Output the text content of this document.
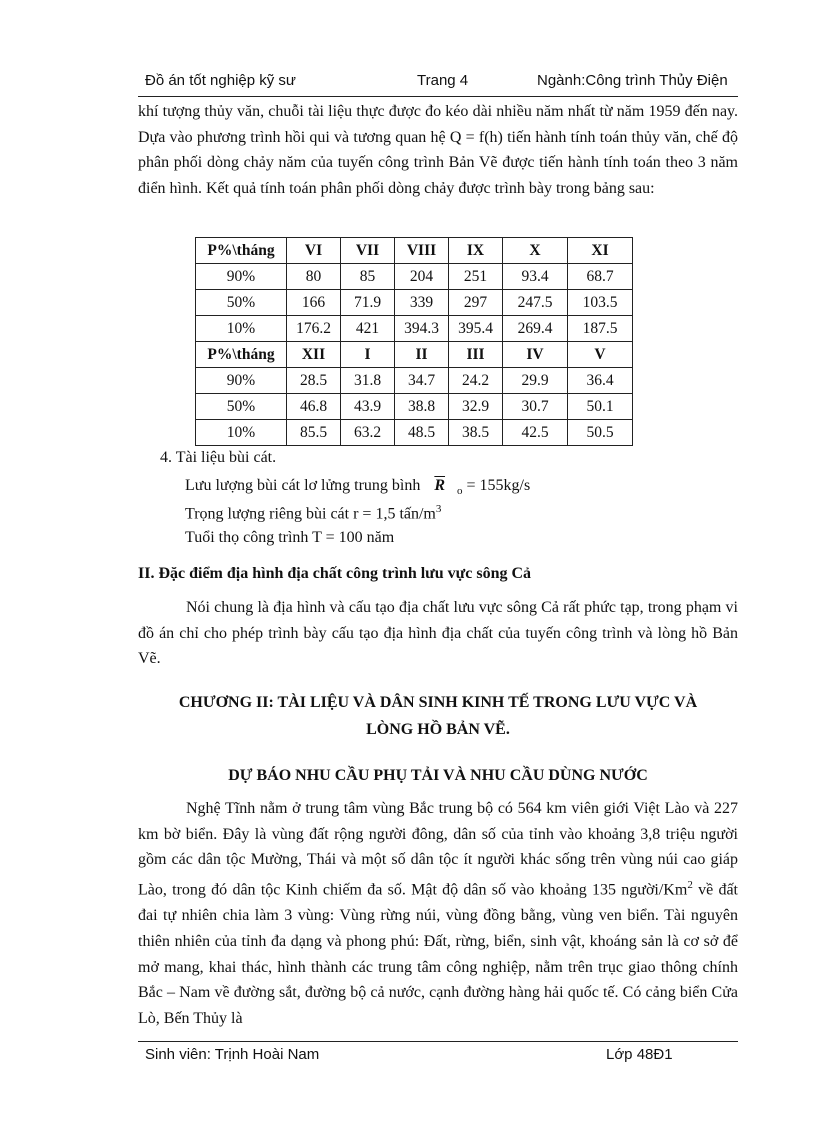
Đồ án tốt nghiệp kỹ sư	Trang 4	Ngành:Công trình Thủy Điện

khí tượng thủy văn, chuỗi tài liệu thực được đo kéo dài nhiều năm nhất từ năm 1959 đến nay. Dựa vào phương trình hồi qui và tương quan hệ Q = f(h) tiến hành tính toán thủy văn, chế độ phân phối dòng chảy năm của tuyến công trình Bản Vẽ được tiến hành tính toán theo 3 năm điển hình. Kết quả tính toán phân phối dòng chảy được trình bày trong bảng sau:

P%\tháng	VI	VII	VIII	IX	X	XI
90%	80	85	204	251	93.4	68.7
50%	166	71.9	339	297	247.5	103.5
10%	176.2	421	394.3	395.4	269.4	187.5
P%\tháng	XII	I	II	III	IV	V
90%	28.5	31.8	34.7	24.2	29.9	36.4
50%	46.8	43.9	38.8	32.9	30.7	50.1
10%	85.5	63.2	48.5	38.5	42.5	50.5
4. Tài liệu bùi cát.
Lưu lượng bùi cát lơ lửng trung bình $\overline{R}$ $_o$ = 155kg/s
Trọng lượng riêng bùi cát r = 1,5 tấn/$m^3$
Tuổi thọ công trình T = 100 năm
II. Đặc điểm địa hình địa chất công trình lưu vực sông Cả

Nói chung là địa hình và cấu tạo địa chất lưu vực sông Cả rất phức tạp, trong phạm vi đồ án chỉ cho phép trình bày cấu tạo địa hình địa chất của tuyến công trình và lòng hồ Bản Vẽ.

CHƯƠNG II: TÀI LIỆU VÀ DÂN SINH KINH TẾ TRONG LƯU VỰC VÀ

LÒNG HỒ BẢN VẼ.

DỰ BÁO NHU CẦU PHỤ TẢI VÀ NHU CẦU DÙNG NƯỚC

Nghệ Tĩnh nằm ở trung tâm vùng Bắc trung bộ có 564 km viên giới Việt Lào và 227 km bờ biển. Đây là vùng đất rộng người đông, dân số của tỉnh vào khoảng 3,8 triệu người gồm các dân tộc Mường, Thái và một số dân tộc ít người khác sống trên vùng núi cao giáp Lào, trong đó dân tộc Kinh chiếm đa số. Mật độ dân số vào khoảng 135 người/Km$^2$ về đất đai tự nhiên chia làm 3 vùng: Vùng rừng núi, vùng đồng bằng, vùng ven biển. Tài nguyên thiên nhiên của tỉnh đa dạng và phong phú: Đất, rừng, biển, sinh vật, khoáng sản là cơ sở để mở mang, khai thác, hình thành các trung tâm công nghiệp, nằm trên trục giao thông chính Bắc – Nam về đường sắt, đường bộ cả nước, cạnh đường hàng hải quốc tế. Có cảng biển Cửa Lò, Bến Thủy là

Sinh viên: Trịnh Hoài Nam	Lớp 48Đ1
